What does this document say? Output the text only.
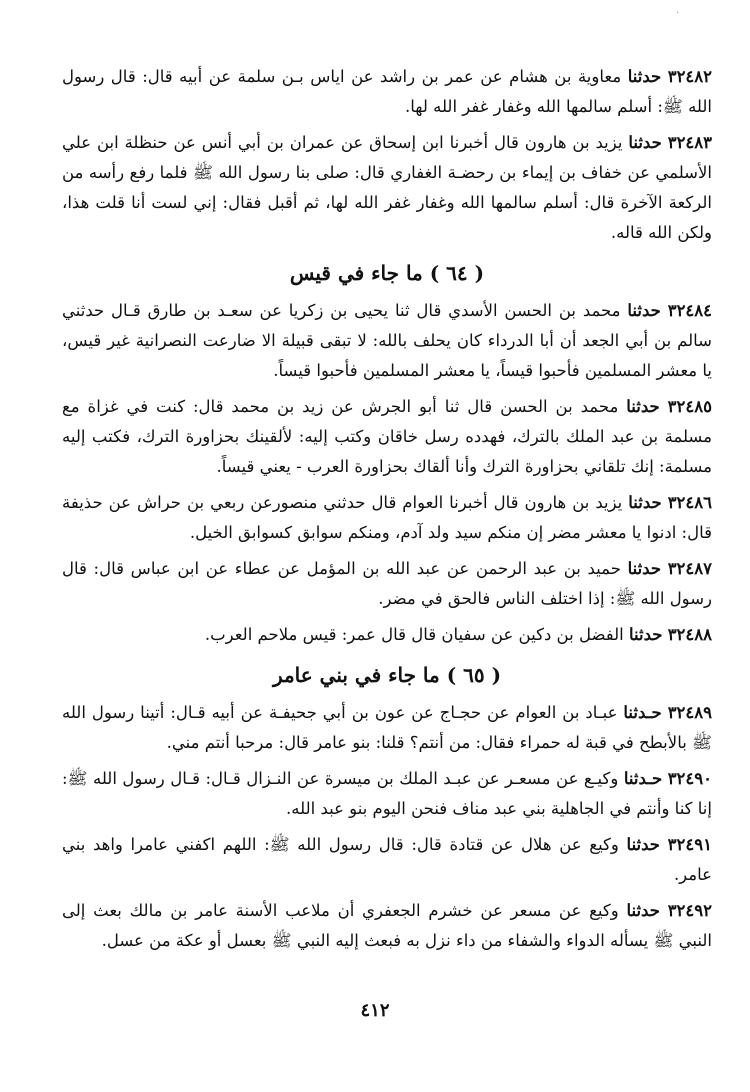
·

٣٢٤٨٢ حدثنا معاوية بن هشام عن عمر بن راشد عن اياس بـن سلمة عن أبيه قال: قال رسول الله ﷺ: أسلم سالمها الله وغفار غفر الله لها.

٣٢٤٨٣ حدثنا يزيد بن هارون قال أخبرنا ابن إسحاق عن عمران بن أبي أنس عن حنظلة ابن علي الأسلمي عن خفاف بن إيماء بن رحضـة الغفاري قال: صلى بنا رسول الله ﷺ فلما رفع رأسه من الركعة الآخرة قال: أسلم سالمها الله وغفار غفر الله لها، ثم أقبل فقال: إني لست أنا قلت هذا، ولكن الله قاله.

( ٦٤ ) ما جاء في قيس

٣٢٤٨٤ حدثنا محمد بن الحسن الأسدي قال ثنا يحيى بن زكريا عن سعـد بن طارق قـال حدثني سالم بن أبي الجعد أن أبا الدرداء كان يحلف بالله: لا تبقى قبيلة الا ضارعت النصرانية غير قيس، يا معشر المسلمين فأحبوا قيساً، يا معشر المسلمين فأحبوا قيساً.

٣٢٤٨٥ حدثنا محمد بن الحسن قال ثنا أبو الجرش عن زيد بن محمد قال: كنت في غزاة مع مسلمة بن عبد الملك بالترك، فهدده رسل خاقان وكتب إليه: لألقينك بحزاورة الترك، فكتب إليه مسلمة: إنك تلقاني بحزاورة الترك وأنا ألقاك بحزاورة العرب - يعني قيساً.

٣٢٤٨٦ حدثنا يزيد بن هارون قال أخبرنا العوام قال حدثني منصورعن ربعي بن حراش عن حذيفة قال: ادنوا يا معشر مضر إن منكم سيد ولد آدم، ومنكم سوابق كسوابق الخيل.

٣٢٤٨٧ حدثنا حميد بن عبد الرحمن عن عبد الله بن المؤمل عن عطاء عن ابن عباس قال: قال رسول الله ﷺ: إذا اختلف الناس فالحق في مضر.

٣٢٤٨٨ حدثنا الفضل بن دكين عن سفيان قال قال عمر: قيس ملاحم العرب.

( ٦٥ ) ما جاء في بني عامر

٣٢٤٨٩ حـدثنا عبـاد بن العوام عن حجـاج عن عون بن أبي جحيفـة عن أبيه قـال: أتينا رسول الله ﷺ بالأبطح في قبة له حمراء فقال: من أنتم؟ قلنا: بنو عامر قال: مرحبا أنتم مني.

٣٢٤٩٠ حـدثنا وكيـع عن مسعـر عن عبـد الملك بن ميسرة عن النـزال قـال: قـال رسول الله ﷺ: إنا كنا وأنتم في الجاهلية بني عبد مناف فنحن اليوم بنو عبد الله.

٣٢٤٩١ حدثنا وكيع عن هلال عن قتادة قال: قال رسول الله ﷺ: اللهم اكفني عامرا واهد بني عامر.

٣٢٤٩٢ حدثنا وكيع عن مسعر عن خشرم الجعفري أن ملاعب الأسنة عامر بن مالك بعث إلى النبي ﷺ يسأله الدواء والشفاء من داء نزل به فبعث إليه النبي ﷺ بعسل أو عكة من عسل.

٤١٢
